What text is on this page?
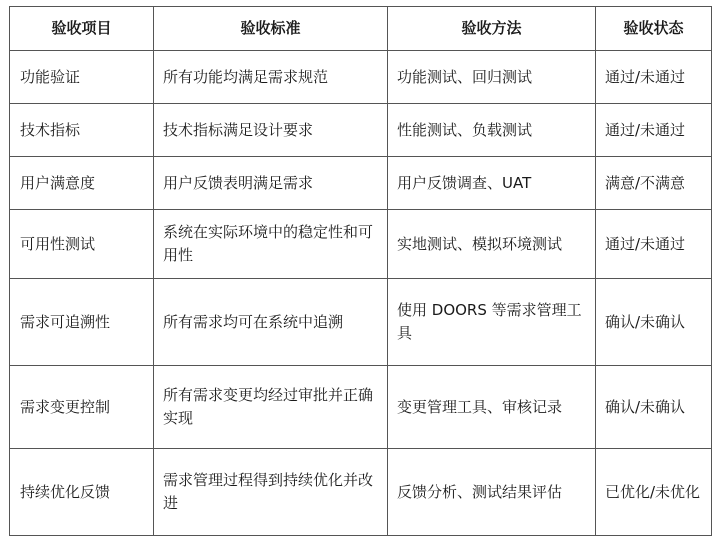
验收项目	验收标准	验收方法	验收状态
功能验证	所有功能均满足需求规范	功能测试、回归测试	通过/未通过
技术指标	技术指标满足设计要求	性能测试、负载测试	通过/未通过
用户满意度	用户反馈表明满足需求	用户反馈调查、UAT	满意/不满意
可用性测试	系统在实际环境中的稳定性和可用性	实地测试、模拟环境测试	通过/未通过
需求可追溯性	所有需求均可在系统中追溯	使用 DOORS 等需求管理工具	确认/未确认
需求变更控制	所有需求变更均经过审批并正确实现	变更管理工具、审核记录	确认/未确认
持续优化反馈	需求管理过程得到持续优化并改进	反馈分析、测试结果评估	已优化/未优化
